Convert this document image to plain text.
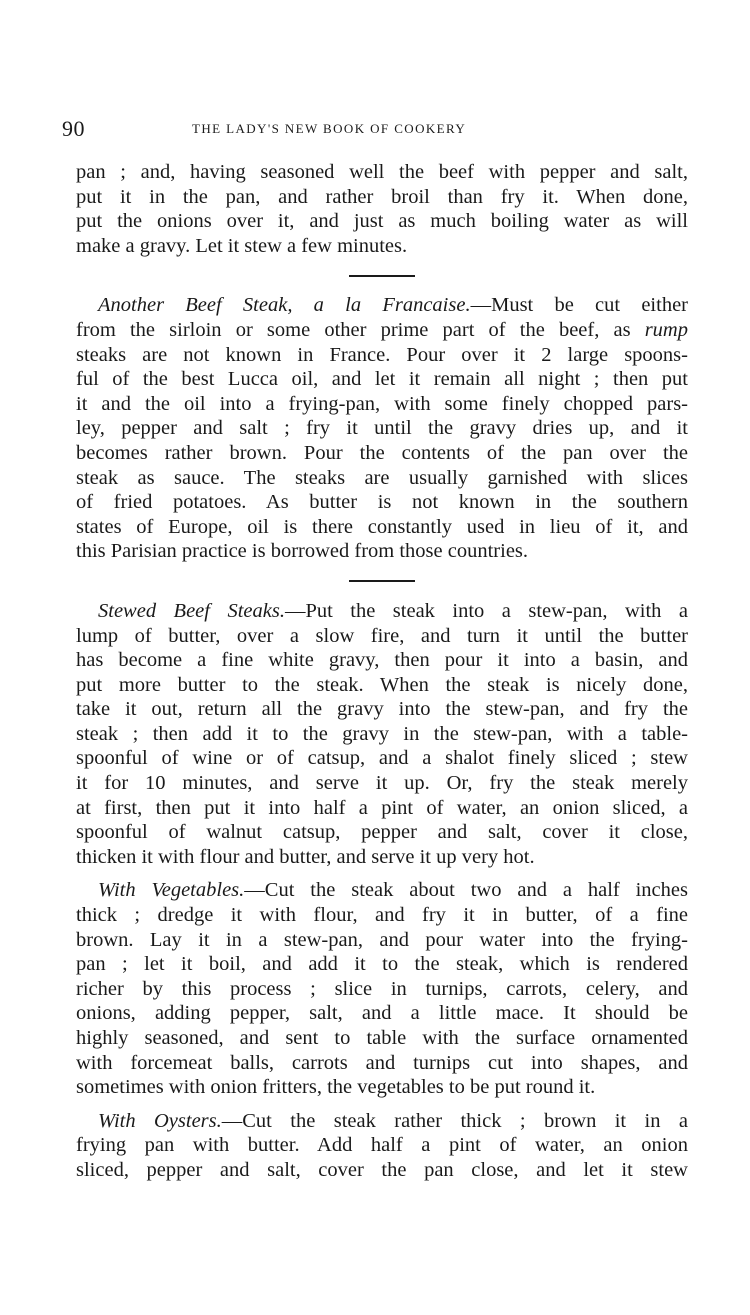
90	THE LADY'S NEW BOOK OF COOKERY
pan ; and, having seasoned well the beef with pepper and salt,
put it in the pan, and rather broil than fry it. When done,
put the onions over it, and just as much boiling water as will
make a gravy. Let it stew a few minutes.
Another Beef Steak, a la Francaise.—Must be cut either
from the sirloin or some other prime part of the beef, as rump
steaks are not known in France. Pour over it 2 large spoons-
ful of the best Lucca oil, and let it remain all night ; then put
it and the oil into a frying-pan, with some finely chopped pars-
ley, pepper and salt ; fry it until the gravy dries up, and it
becomes rather brown. Pour the contents of the pan over the
steak as sauce. The steaks are usually garnished with slices
of fried potatoes. As butter is not known in the southern
states of Europe, oil is there constantly used in lieu of it, and
this Parisian practice is borrowed from those countries.
Stewed Beef Steaks.—Put the steak into a stew-pan, with a
lump of butter, over a slow fire, and turn it until the butter
has become a fine white gravy, then pour it into a basin, and
put more butter to the steak. When the steak is nicely done,
take it out, return all the gravy into the stew-pan, and fry the
steak ; then add it to the gravy in the stew-pan, with a table-
spoonful of wine or of catsup, and a shalot finely sliced ; stew
it for 10 minutes, and serve it up. Or, fry the steak merely
at first, then put it into half a pint of water, an onion sliced, a
spoonful of walnut catsup, pepper and salt, cover it close,
thicken it with flour and butter, and serve it up very hot.
With Vegetables.—Cut the steak about two and a half inches
thick ; dredge it with flour, and fry it in butter, of a fine
brown. Lay it in a stew-pan, and pour water into the frying-
pan ; let it boil, and add it to the steak, which is rendered
richer by this process ; slice in turnips, carrots, celery, and
onions, adding pepper, salt, and a little mace. It should be
highly seasoned, and sent to table with the surface ornamented
with forcemeat balls, carrots and turnips cut into shapes, and
sometimes with onion fritters, the vegetables to be put round it.
With Oysters.—Cut the steak rather thick ; brown it in a
frying pan with butter. Add half a pint of water, an onion
sliced, pepper and salt, cover the pan close, and let it stew
